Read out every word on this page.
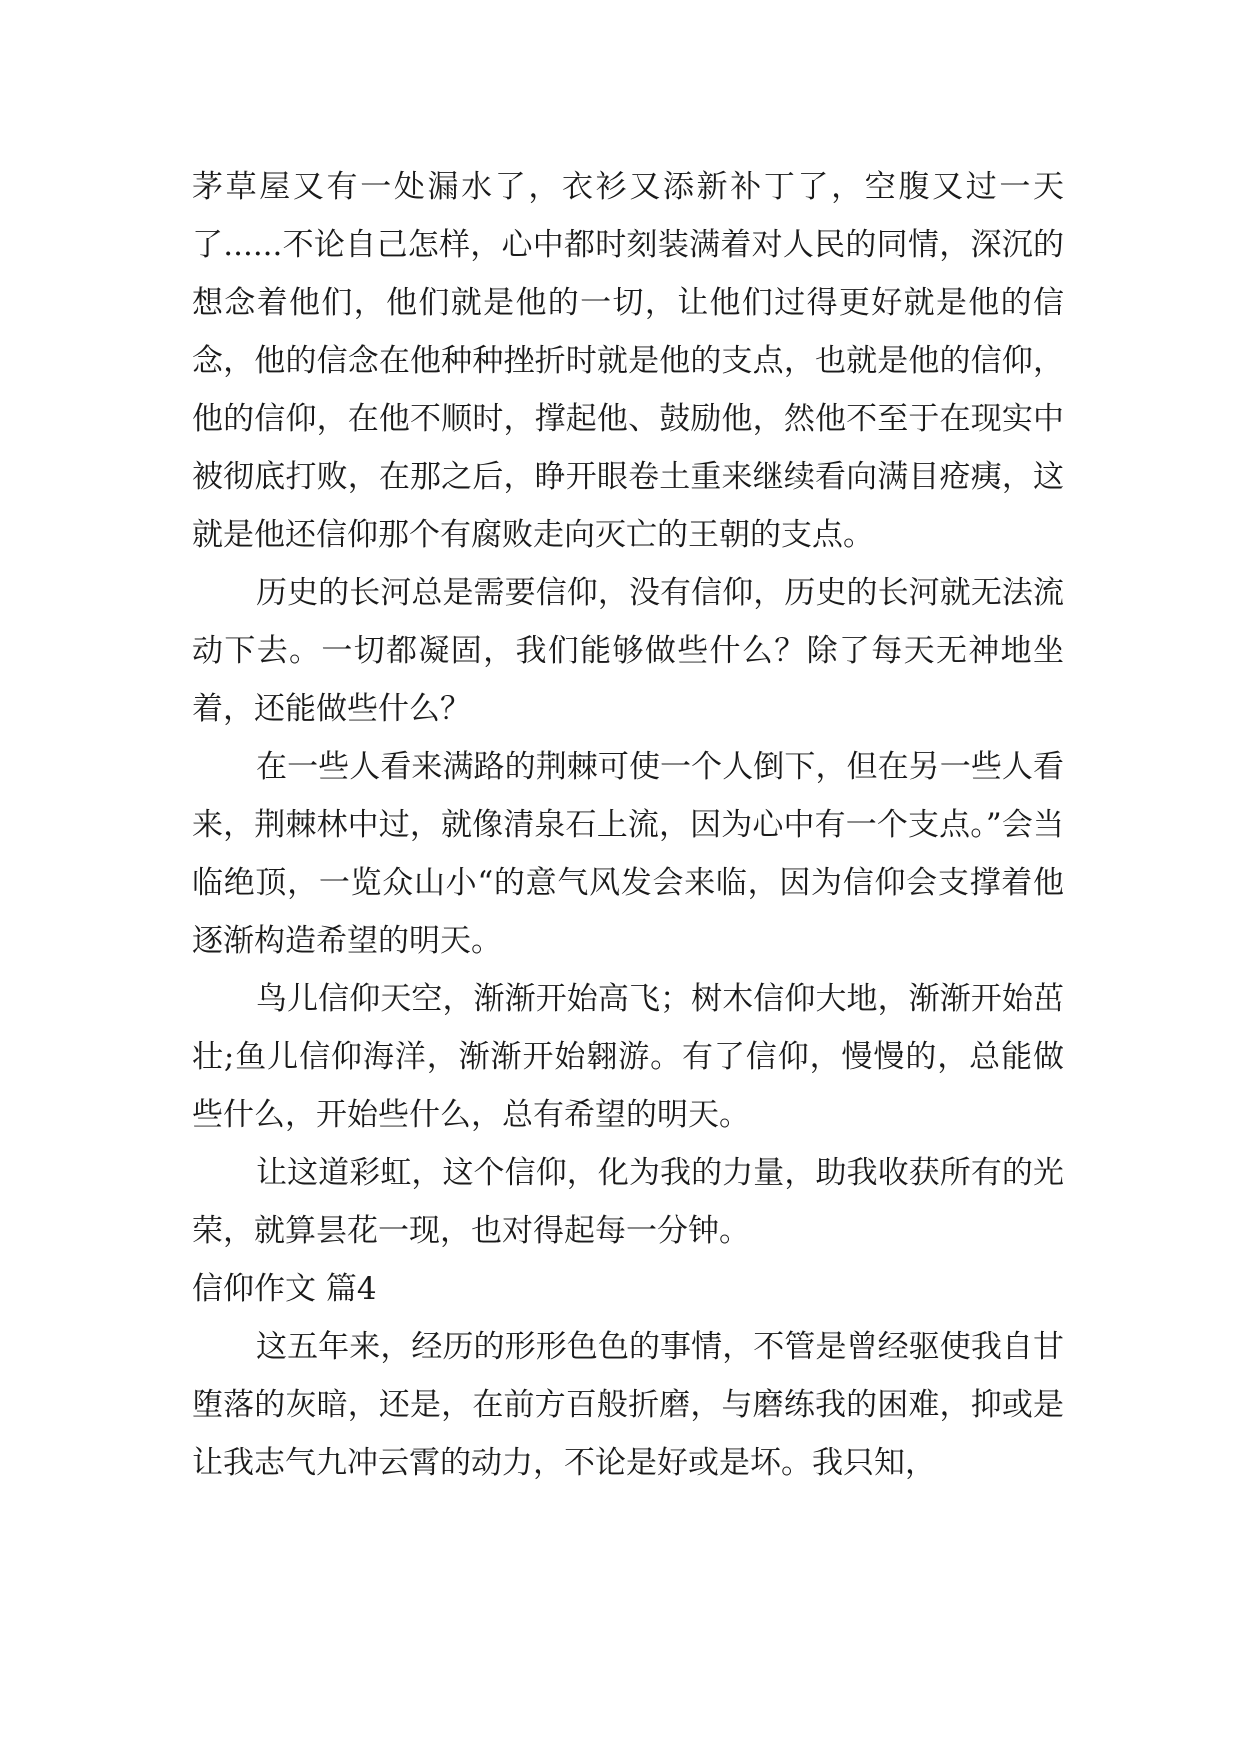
茅草屋又有一处漏水了，衣衫又添新补丁了，空腹又过一天了......不论自己怎样，心中都时刻装满着对人民的同情，深沉的想念着他们，他们就是他的一切，让他们过得更好就是他的信念，他的信念在他种种挫折时就是他的支点，也就是他的信仰，他的信仰，在他不顺时，撑起他、鼓励他，然他不至于在现实中被彻底打败，在那之后，睁开眼卷土重来继续看向满目疮痍，这就是他还信仰那个有腐败走向灭亡的王朝的支点。

历史的长河总是需要信仰，没有信仰，历史的长河就无法流动下去。一切都凝固，我们能够做些什么？除了每天无神地坐着，还能做些什么？

在一些人看来满路的荆棘可使一个人倒下，但在另一些人看来，荆棘林中过，就像清泉石上流，因为心中有一个支点。”会当临绝顶，一览众山小“的意气风发会来临，因为信仰会支撑着他逐渐构造希望的明天。

鸟儿信仰天空，渐渐开始高飞；树木信仰大地，渐渐开始茁壮;鱼儿信仰海洋，渐渐开始翱游。有了信仰，慢慢的，总能做些什么，开始些什么，总有希望的明天。

让这道彩虹，这个信仰，化为我的力量，助我收获所有的光荣，就算昙花一现，也对得起每一分钟。

信仰作文 篇4

这五年来，经历的形形色色的事情，不管是曾经驱使我自甘堕落的灰暗，还是，在前方百般折磨，与磨练我的困难，抑或是让我志气九冲云霄的动力，不论是好或是坏。我只知，
